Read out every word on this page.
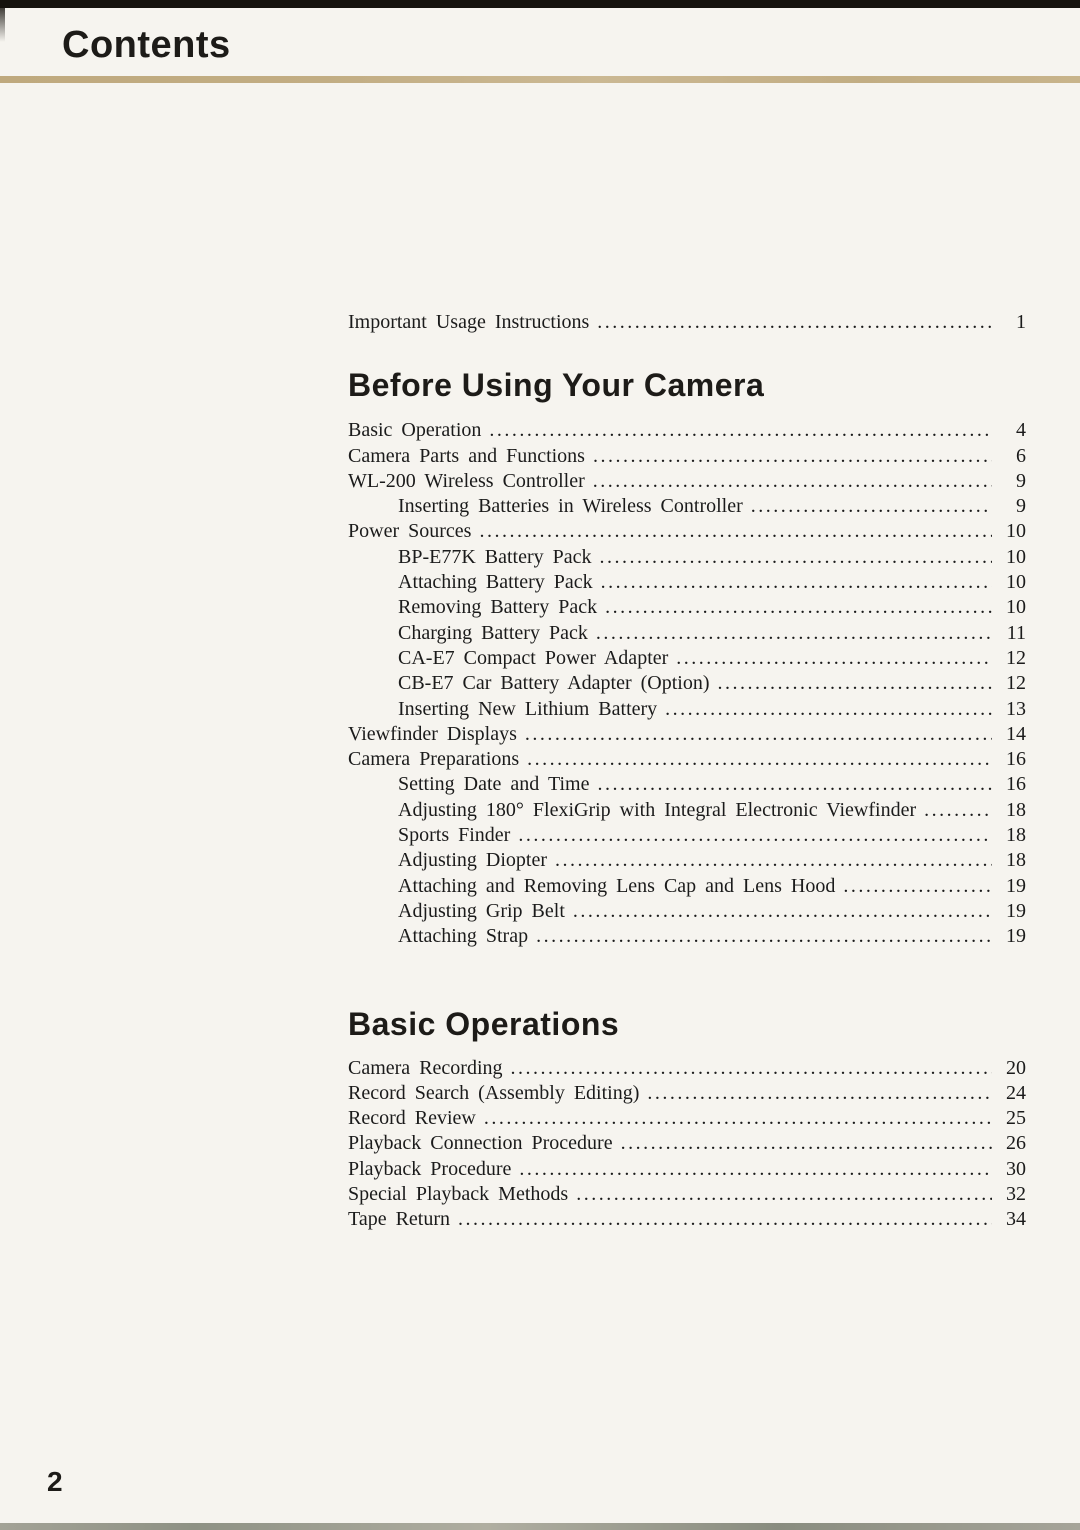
Contents
Important Usage Instructions .....	1
Before Using Your Camera
Basic Operation .....	4
Camera Parts and Functions .....	6
WL-200 Wireless Controller .....	9
Inserting Batteries in Wireless Controller .....	9
Power Sources .....	10
BP-E77K Battery Pack .....	10
Attaching Battery Pack .....	10
Removing Battery Pack .....	10
Charging Battery Pack .....	11
CA-E7 Compact Power Adapter .....	12
CB-E7 Car Battery Adapter (Option) .....	12
Inserting New Lithium Battery .....	13
Viewfinder Displays .....	14
Camera Preparations .....	16
Setting Date and Time .....	16
Adjusting 180° FlexiGrip with Integral Electronic Viewfinder .....	18
Sports Finder .....	18
Adjusting Diopter .....	18
Attaching and Removing Lens Cap and Lens Hood .....	19
Adjusting Grip Belt .....	19
Attaching Strap .....	19
Basic Operations
Camera Recording .....	20
Record Search (Assembly Editing) .....	24
Record Review .....	25
Playback Connection Procedure .....	26
Playback Procedure .....	30
Special Playback Methods .....	32
Tape Return .....	34
2
